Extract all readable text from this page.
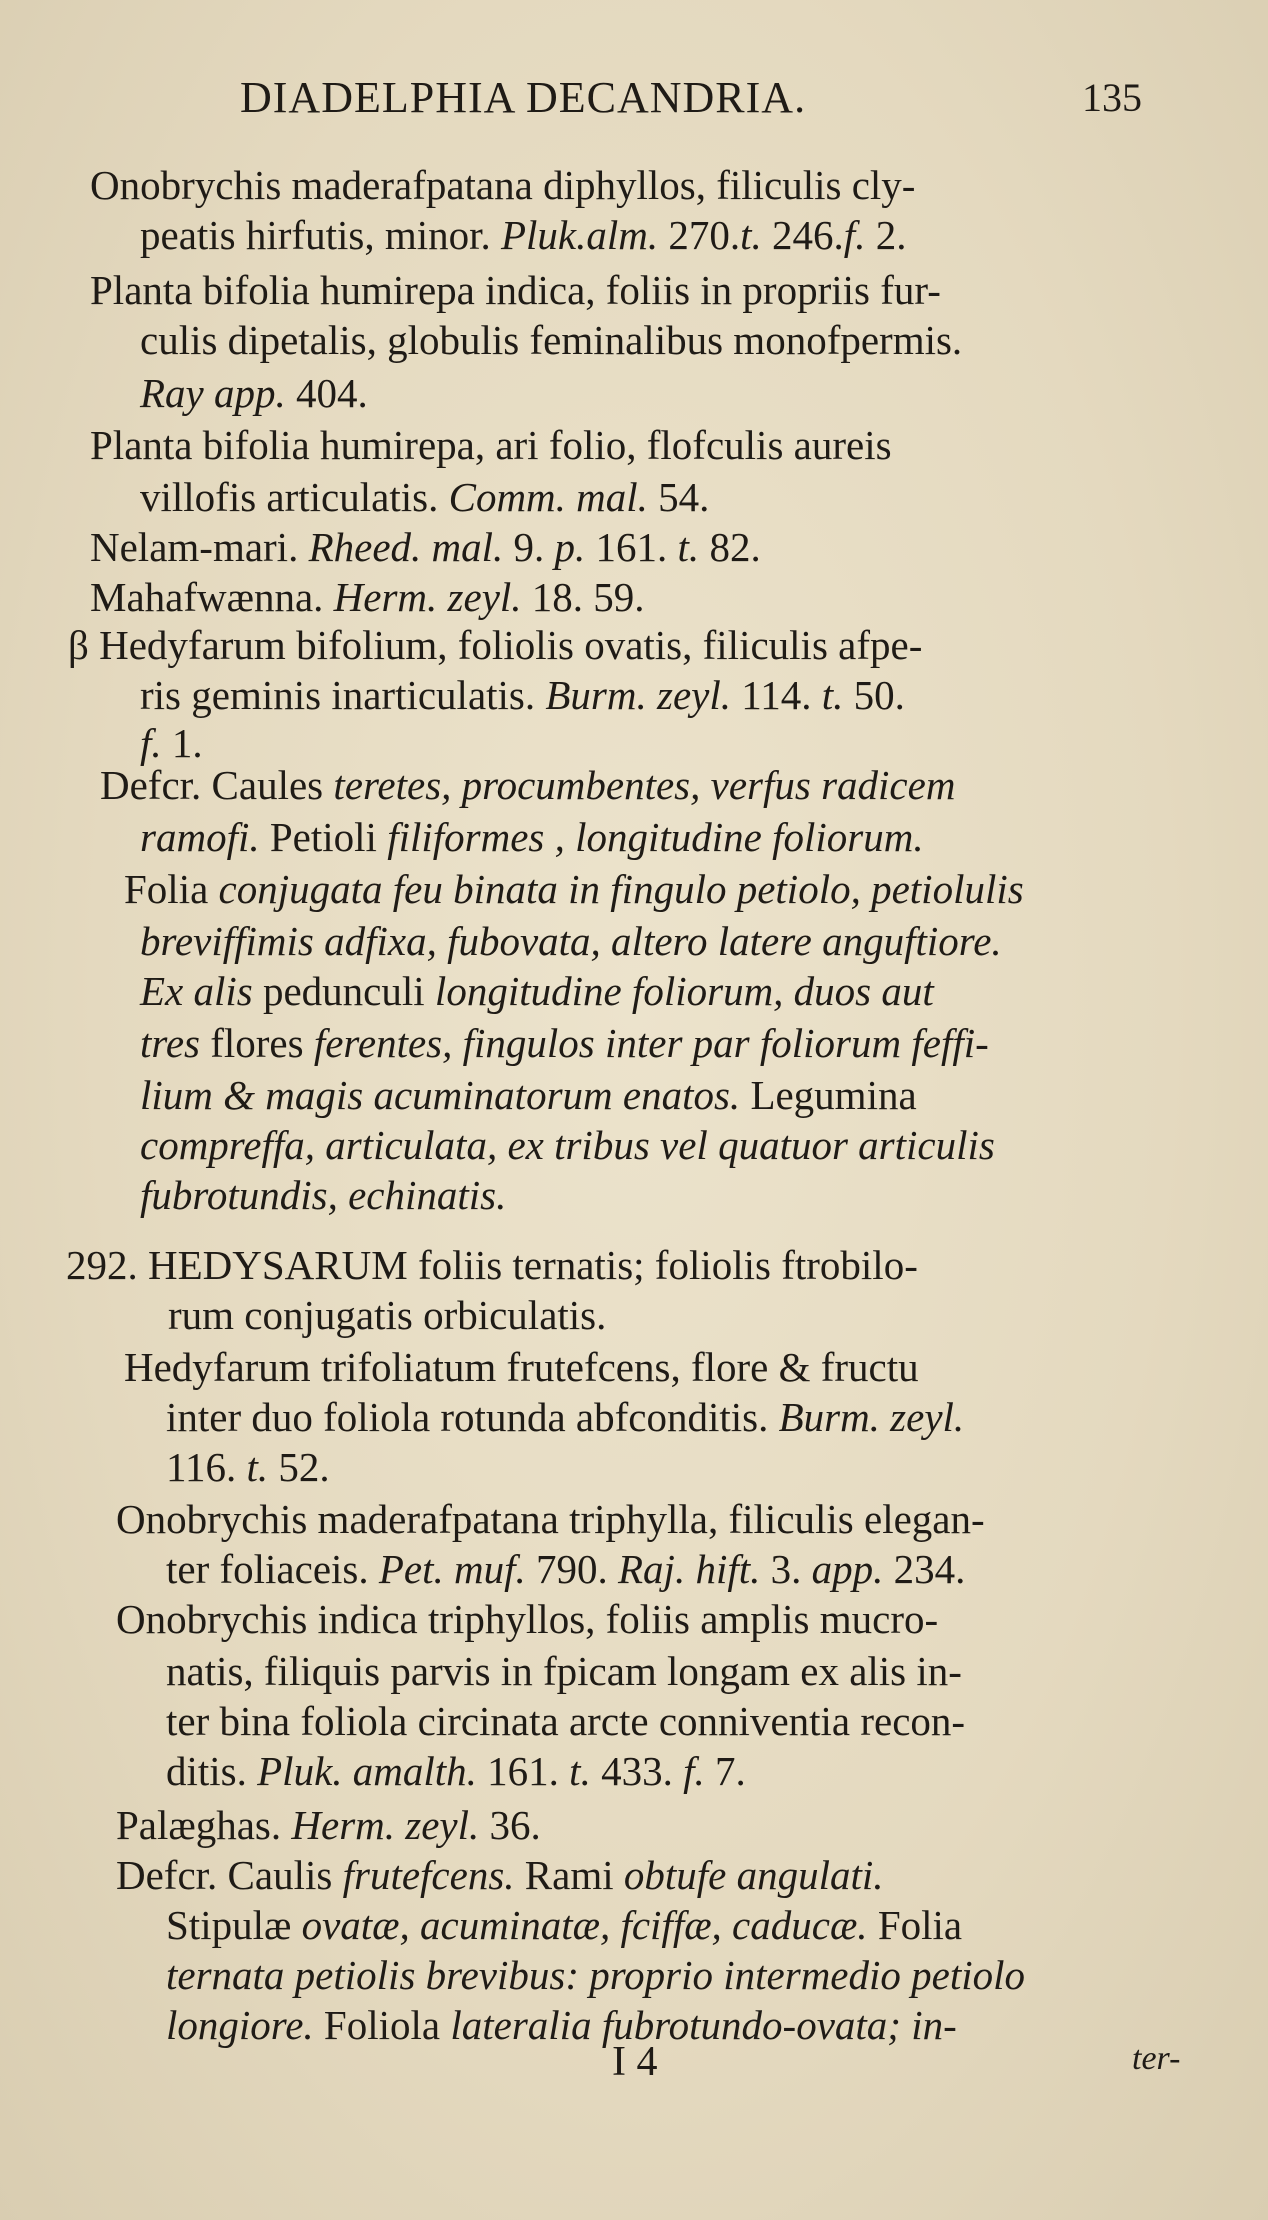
DIADELPHIA DECANDRIA.	135
Onobrychis maderafpatana diphyllos, filiculis cly-
peatis hirfutis, minor. Pluk.alm. 270.t. 246.f. 2.
Planta bifolia humirepa indica, foliis in propriis fur-
culis dipetalis, globulis feminalibus monofpermis.
Ray app. 404.
Planta bifolia humirepa, ari folio, flofculis aureis
villofis articulatis. Comm. mal. 54.
Nelam-mari. Rheed. mal. 9. p. 161. t. 82.
Mahafwænna. Herm. zeyl. 18. 59.
β Hedyfarum bifolium, foliolis ovatis, filiculis afpe-
ris geminis inarticulatis. Burm. zeyl. 114. t. 50.
f. 1.
Defcr. Caules teretes, procumbentes, verfus radicem
ramofi. Petioli filiformes , longitudine foliorum.
Folia conjugata feu binata in fingulo petiolo, petiolulis
breviffimis adfixa, fubovata, altero latere anguftiore.
Ex alis pedunculi longitudine foliorum, duos aut
tres flores ferentes, fingulos inter par foliorum feffi-
lium & magis acuminatorum enatos. Legumina
compreffa, articulata, ex tribus vel quatuor articulis
fubrotundis, echinatis.
292. HEDYSARUM foliis ternatis; foliolis ftrobilo-
rum conjugatis orbiculatis.
Hedyfarum trifoliatum frutefcens, flore & fructu
inter duo foliola rotunda abfconditis. Burm. zeyl.
116. t. 52.
Onobrychis maderafpatana triphylla, filiculis elegan-
ter foliaceis. Pet. muf. 790. Raj. hift. 3. app. 234.
Onobrychis indica triphyllos, foliis amplis mucro-
natis, filiquis parvis in fpicam longam ex alis in-
ter bina foliola circinata arcte conniventia recon-
ditis. Pluk. amalth. 161. t. 433. f. 7.
Palæghas. Herm. zeyl. 36.
Defcr. Caulis frutefcens. Rami obtufe angulati.
Stipulæ ovatæ, acuminatæ, fciffæ, caducæ. Folia
ternata petiolis brevibus: proprio intermedio petiolo
longiore. Foliola lateralia fubrotundo-ovata; in-
I 4	ter-
